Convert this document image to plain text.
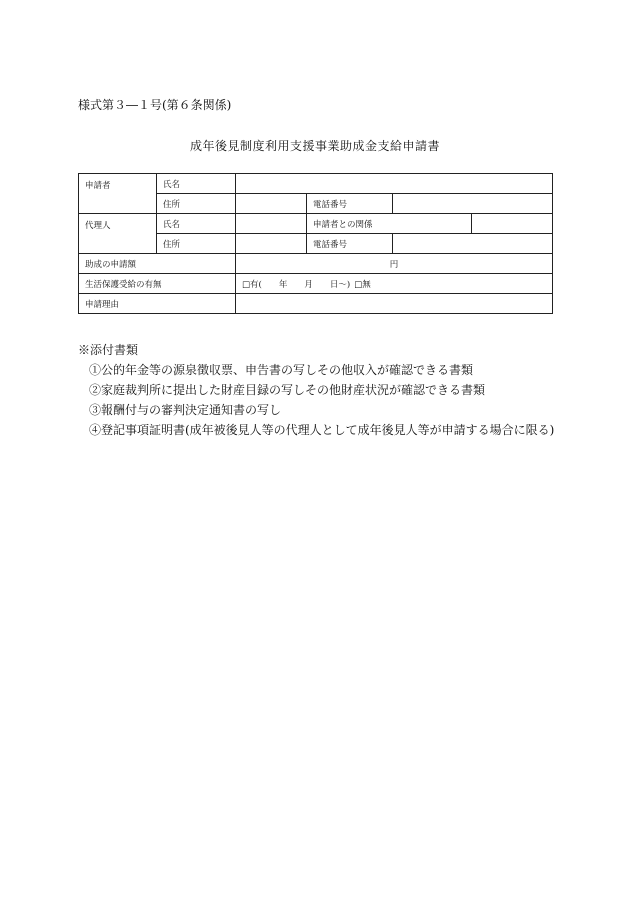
様式第３―１号(第６条関係)
成年後見制度利用支援事業助成金支給申請書
申請者	氏名				
	住所		電話番号		
代理人	氏名		申請者との関係		
	住所		電話番号		
助成の申請額		円			
生活保護受給の有無		□有(　　年　　月　　日～) □無			
申請理由					
※添付書類
①公的年金等の源泉徴収票、申告書の写しその他収入が確認できる書類
②家庭裁判所に提出した財産目録の写しその他財産状況が確認できる書類
③報酬付与の審判決定通知書の写し
④登記事項証明書(成年被後見人等の代理人として成年後見人等が申請する場合に限る)
